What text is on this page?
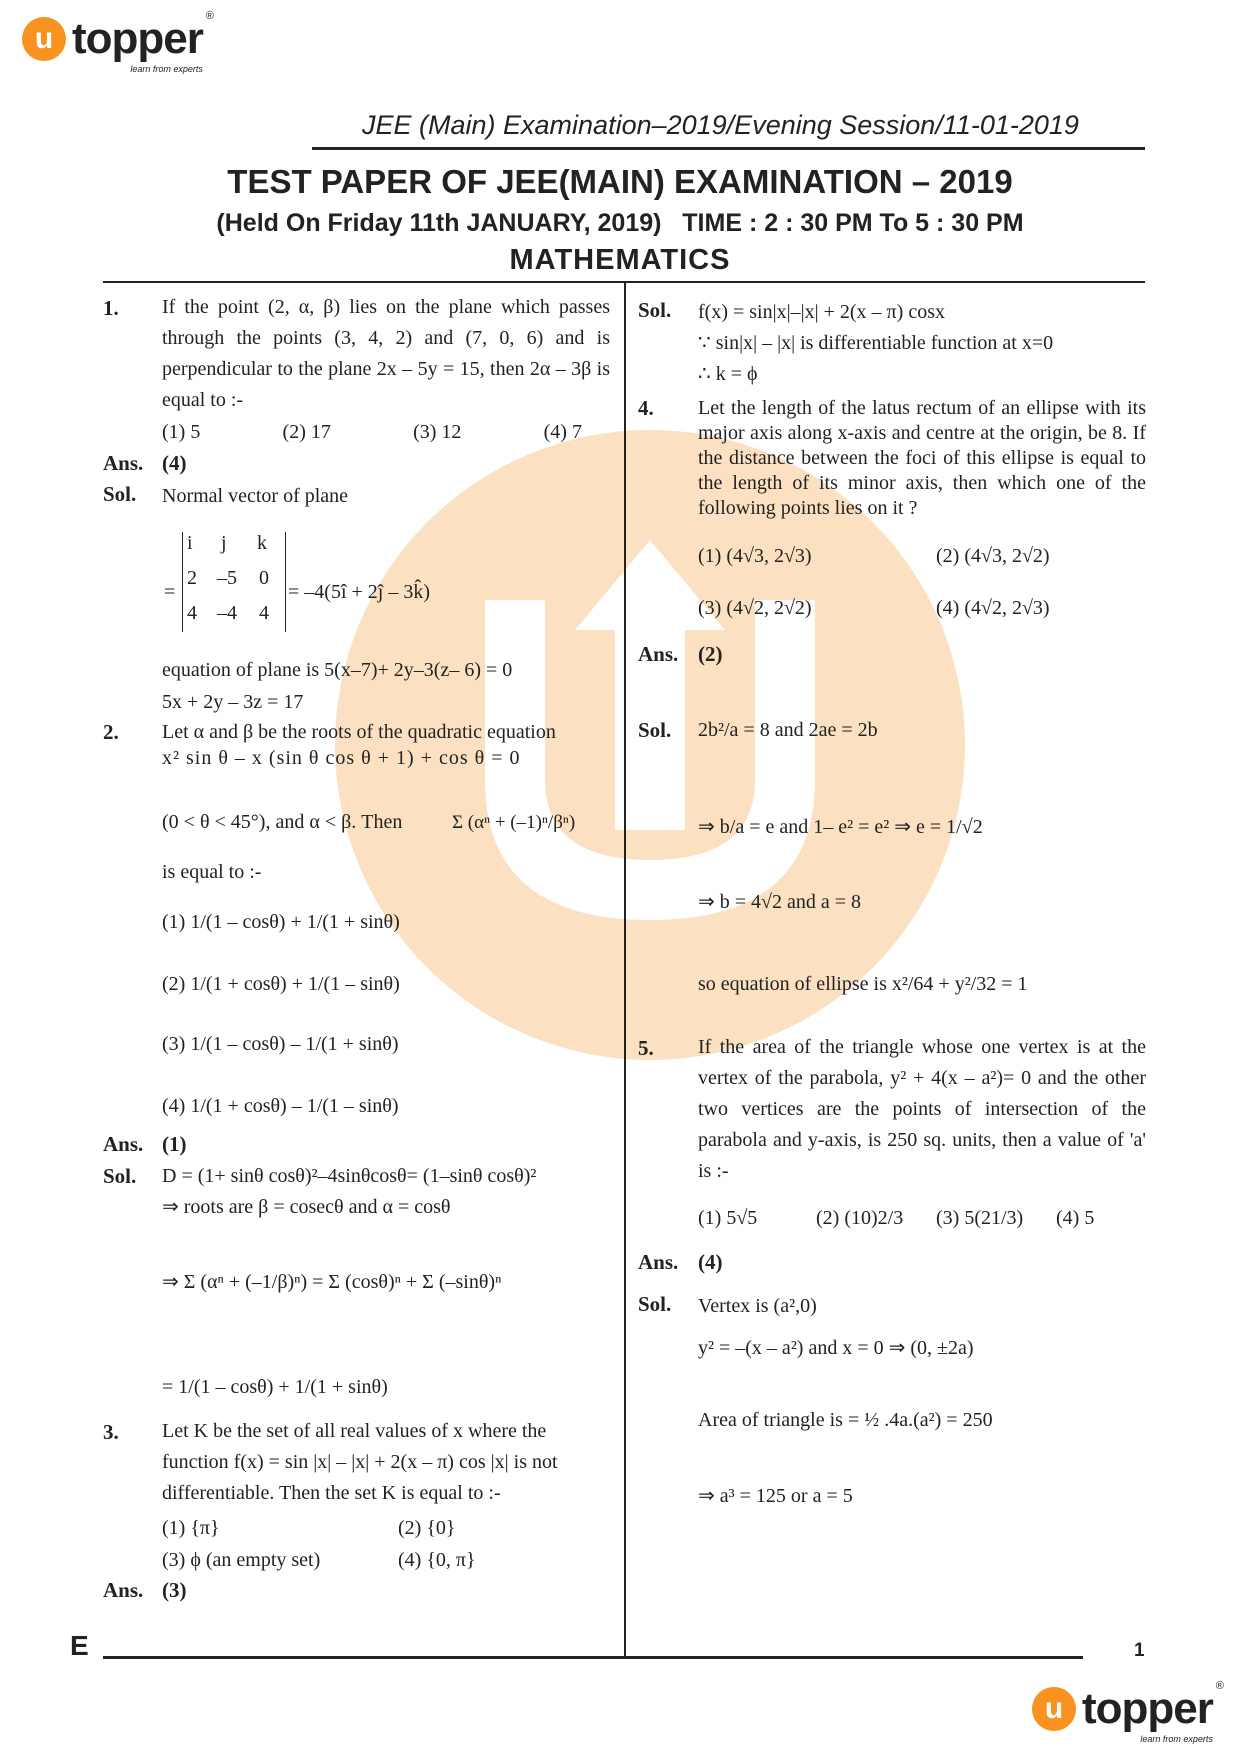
u topper ®
learn from experts
JEE (Main) Examination–2019/Evening Session/11-01-2019
TEST PAPER OF JEE(MAIN) EXAMINATION – 2019
(Held On Friday 11th JANUARY, 2019)   TIME : 2 : 30 PM To 5 : 30 PM
MATHEMATICS
1. If the point (2, α, β) lies on the plane which passes through the points (3, 4, 2) and (7, 0, 6) and is perpendicular to the plane 2x – 5y = 15, then 2α – 3β is equal to :-
(1) 5	(2) 17	(3) 12	(4) 7
Ans. (4)
Sol. Normal vector of plane
=
i	j	k
2	–5	0
4	–4	4
= –4(5î + 2ĵ – 3k̂)
equation of plane is 5(x–7)+ 2y–3(z– 6) = 0
5x + 2y – 3z = 17
2. Let α and β be the roots of the quadratic equation
x² sin θ – x (sin θ cos θ + 1) + cos θ = 0
(0 < θ < 45°), and α < β. Then	Σ (αⁿ + (–1)ⁿ/βⁿ)
is equal to :-
(1) 1/(1 – cosθ) + 1/(1 + sinθ)
(2) 1/(1 + cosθ) + 1/(1 – sinθ)
(3) 1/(1 – cosθ) – 1/(1 + sinθ)
(4) 1/(1 + cosθ) – 1/(1 – sinθ)
Ans. (1)
Sol. D = (1+ sinθ cosθ)²–4sinθcosθ= (1–sinθ cosθ)²
⇒ roots are β = cosecθ and α = cosθ
⇒ Σ (αⁿ + (–1/β)ⁿ) = Σ (cosθ)ⁿ + Σ (–sinθ)ⁿ
= 1/(1 – cosθ) + 1/(1 + sinθ)
3. Let K be the set of all real values of x where the function f(x) = sin |x| – |x| + 2(x – π) cos |x| is not differentiable. Then the set K is equal to :-
(1) {π}	(2) {0}
(3) ϕ (an empty set)	(4) {0, π}
Ans. (3)
Sol. f(x) = sin|x|–|x| + 2(x – π) cosx
∵ sin|x| – |x| is differentiable function at x=0
∴ k = ϕ
4. Let the length of the latus rectum of an ellipse with its major axis along x-axis and centre at the origin, be 8. If the distance between the foci of this ellipse is equal to the length of its minor axis, then which one of the following points lies on it ?
(1) (4√3, 2√3)	(2) (4√3, 2√2)
(3) (4√2, 2√2)	(4) (4√2, 2√3)
Ans. (2)
Sol. 2b²/a = 8 and 2ae = 2b
⇒ b/a = e and 1– e² = e² ⇒ e = 1/√2
⇒ b = 4√2 and a = 8
so equation of ellipse is x²/64 + y²/32 = 1
5. If the area of the triangle whose one vertex is at the vertex of the parabola, y² + 4(x – a²)= 0 and the other two vertices are the points of intersection of the parabola and y-axis, is 250 sq. units, then a value of 'a' is :-
(1) 5√5	(2) (10)2/3 (3) 5(21/3) (4) 5
Ans. (4)
Sol. Vertex is (a²,0)
y² = –(x – a²) and x = 0 ⇒ (0, ±2a)
Area of triangle is = ½ .4a.(a²) = 250
⇒ a³ = 125 or a = 5
E	1
u topper ®
learn from experts
